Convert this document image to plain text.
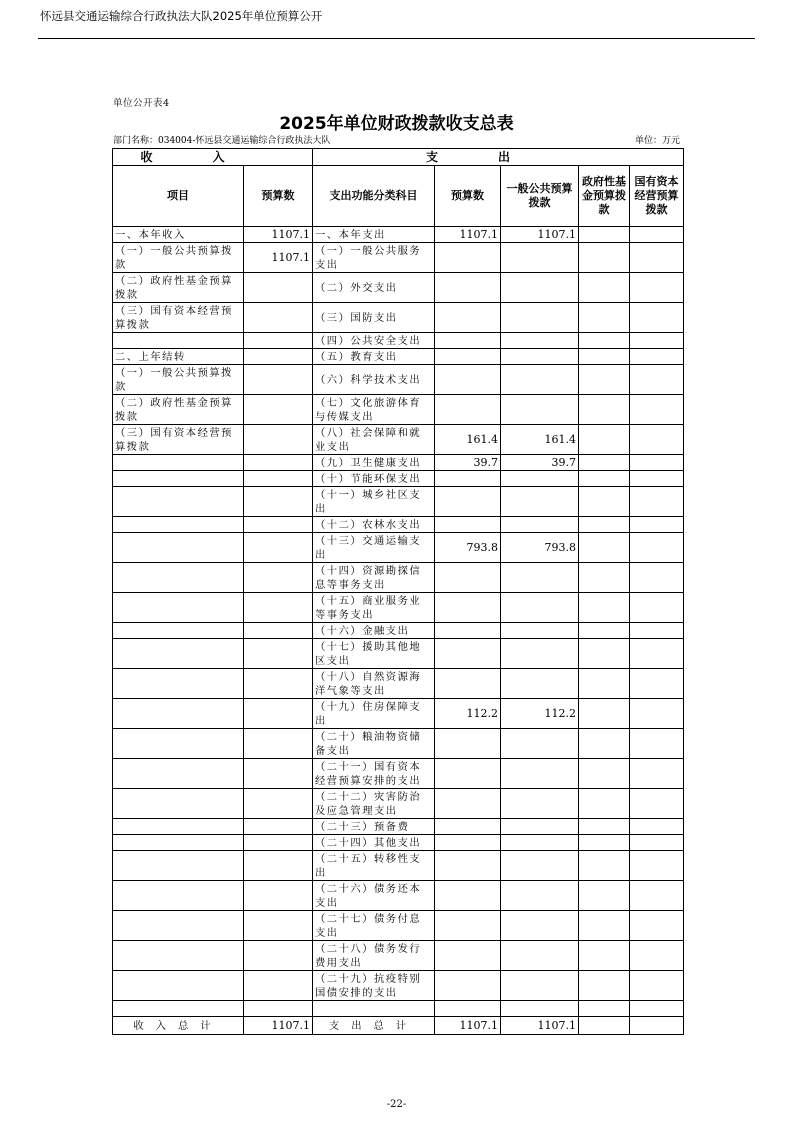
怀远县交通运输综合行政执法大队2025年单位预算公开
单位公开表4
2025年单位财政拨款收支总表
部门名称：034004-怀远县交通运输综合行政执法大队	单位：万元
收入		支出				
项目	预算数	支出功能分类科目	预算数	一般公共预算拨款	政府性基金预算拨款	国有资本经营预算拨款
一、本年收入	1107.1	一、本年支出	1107.1	1107.1		
（一）一般公共预算拨款	1107.1	（一）一般公共服务支出				
（二）政府性基金预算拨款		（二）外交支出				
（三）国有资本经营预算拨款		（三）国防支出				
		（四）公共安全支出				
二、上年结转		（五）教育支出				
（一）一般公共预算拨款		（六）科学技术支出				
（二）政府性基金预算拨款		（七）文化旅游体育与传媒支出				
（三）国有资本经营预算拨款		（八）社会保障和就业支出	161.4	161.4		
		（九）卫生健康支出	39.7	39.7		
		（十）节能环保支出				
		（十一）城乡社区支出				
		（十二）农林水支出				
		（十三）交通运输支出	793.8	793.8		
		（十四）资源勘探信息等事务支出				
		（十五）商业服务业等事务支出				
		（十六）金融支出				
		（十七）援助其他地区支出				
		（十八）自然资源海洋气象等支出				
		（十九）住房保障支出	112.2	112.2		
		（二十）粮油物资储备支出				
		（二十一）国有资本经营预算安排的支出				
		（二十二）灾害防治及应急管理支出				
		（二十三）预备费				
		（二十四）其他支出				
		（二十五）转移性支出				
		（二十六）债务还本支出				
		（二十七）债务付息支出				
		（二十八）债务发行费用支出				
		（二十九）抗疫特别国债安排的支出				

收入总计	1107.1	支出总计	1107.1	1107.1		
-22-
